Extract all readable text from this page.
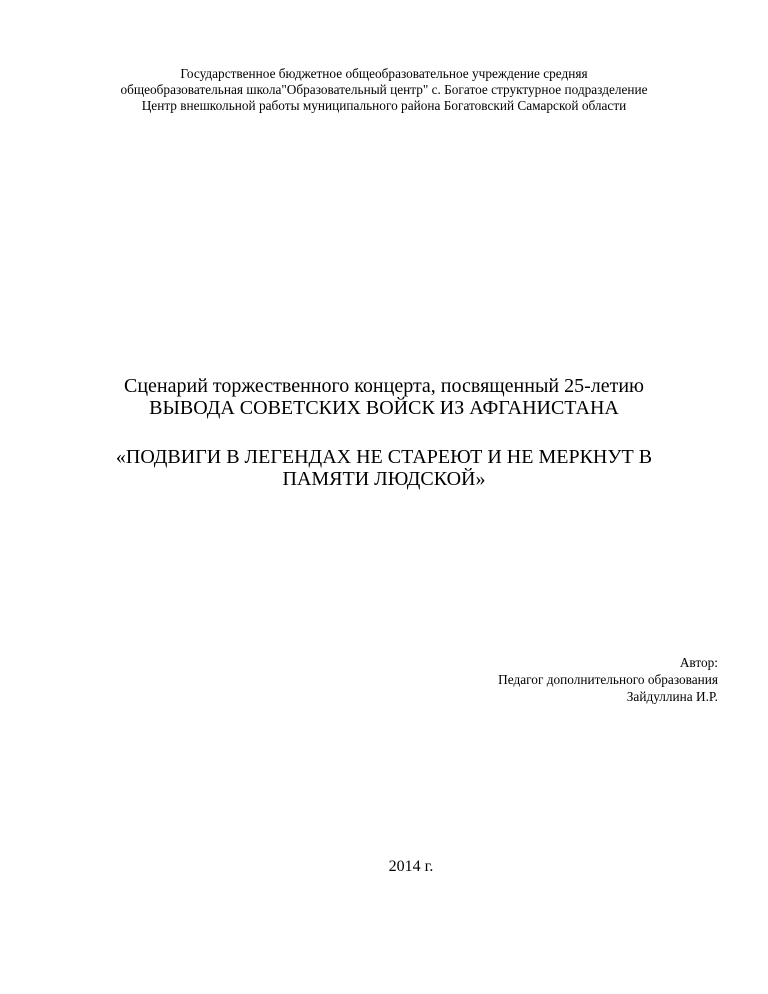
Государственное бюджетное общеобразовательное учреждение средняя
общеобразовательная школа"Образовательный центр" с. Богатое структурное подразделение
Центр внешкольной работы муниципального района Богатовский Самарской области
Сценарий торжественного концерта, посвященный 25-летию
ВЫВОДА СОВЕТСКИХ ВОЙСК ИЗ АФГАНИСТАНА
«ПОДВИГИ В ЛЕГЕНДАХ НЕ СТАРЕЮТ И НЕ МЕРКНУТ В
ПАМЯТИ ЛЮДСКОЙ»
Автор:
Педагог дополнительного образования
Зайдуллина И.Р.
2014 г.
